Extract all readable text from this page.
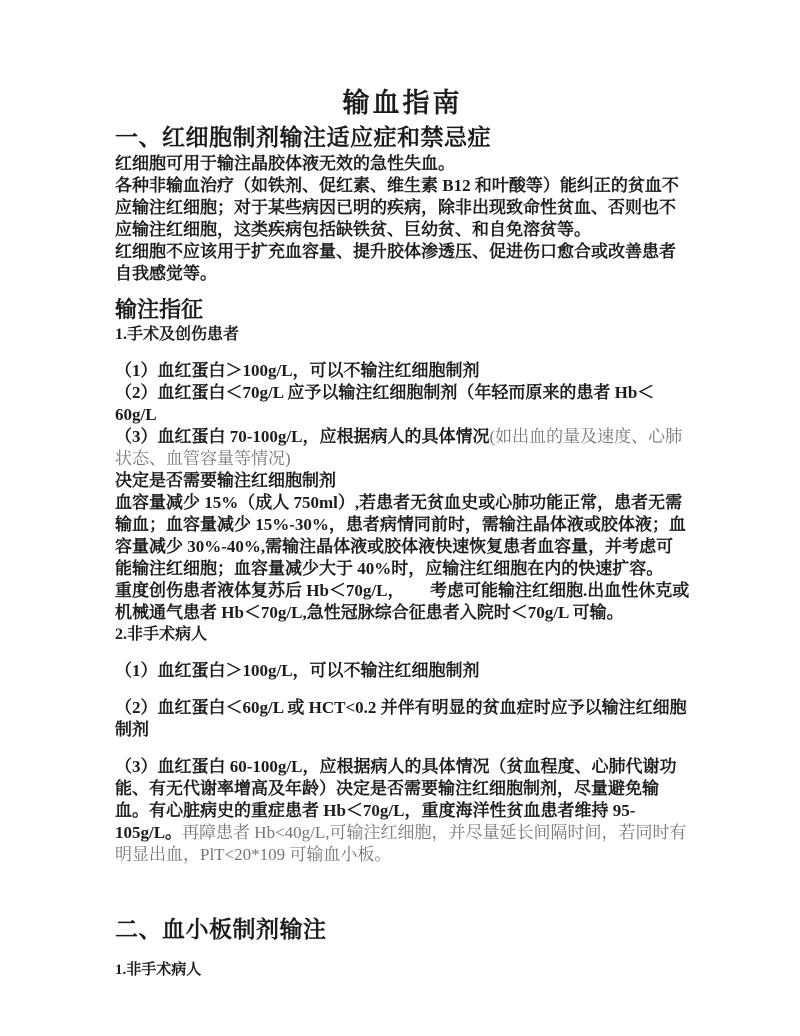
输血指南
一、红细胞制剂输注适应症和禁忌症

红细胞可用于输注晶胶体液无效的急性失血。

各种非输血治疗（如铁剂、促红素、维生素 B12 和叶酸等）能纠正的贫血不应输注红细胞；对于某些病因已明的疾病，除非出现致命性贫血、否则也不应输注红细胞，这类疾病包括缺铁贫、巨幼贫、和自免溶贫等。

红细胞不应该用于扩充血容量、提升胶体渗透压、促进伤口愈合或改善患者自我感觉等。

输注指征
1.手术及创伤患者

（1）血红蛋白＞100g/L，可以不输注红细胞制剂

（2）血红蛋白＜70g/L 应予以输注红细胞制剂（年轻而原来的患者 Hb＜60g/L

（3）血红蛋白 70-100g/L，应根据病人的具体情况(如出血的量及速度、心肺状态、血管容量等情况)

决定是否需要输注红细胞制剂

血容量减少 15%（成人 750ml）,若患者无贫血史或心肺功能正常，患者无需输血；血容量减少 15%-30%，患者病情同前时，需输注晶体液或胶体液；血容量减少 30%-40%,需输注晶体液或胶体液快速恢复患者血容量，并考虑可能输注红细胞；血容量减少大于 40%时，应输注红细胞在内的快速扩容。

重度创伤患者液体复苏后 Hb＜70g/L，　　考虑可能输注红细胞.出血性休克或机械通气患者 Hb＜70g/L,急性冠脉综合征患者入院时＜70g/L 可输。

2.非手术病人

（1）血红蛋白＞100g/L，可以不输注红细胞制剂

（2）血红蛋白＜60g/L 或 HCT<0.2 并伴有明显的贫血症时应予以输注红细胞制剂

（3）血红蛋白 60-100g/L，应根据病人的具体情况（贫血程度、心肺代谢功能、有无代谢率增高及年龄）决定是否需要输注红细胞制剂，尽量避免输血。有心脏病史的重症患者 Hb＜70g/L，重度海洋性贫血患者维持 95-105g/L。再障患者 Hb<40g/L,可输注红细胞，并尽量延长间隔时间，若同时有明显出血，PlT<20*109 可输血小板。

二、血小板制剂输注
1.非手术病人
